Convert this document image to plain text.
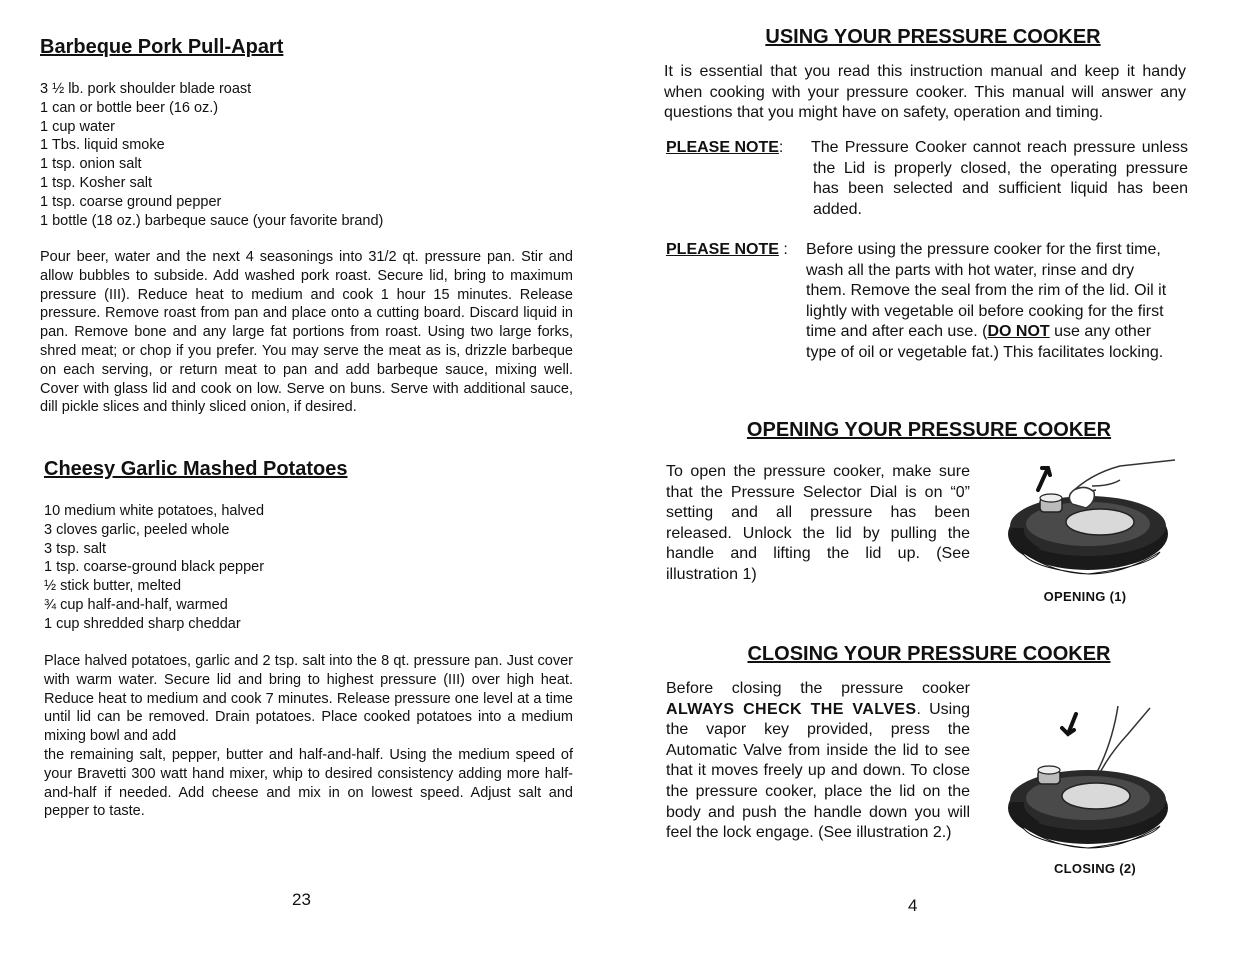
Barbeque Pork Pull-Apart
3 ½ lb. pork shoulder blade roast
1 can or bottle beer (16 oz.)
1 cup water
1 Tbs. liquid smoke
1 tsp. onion salt
1 tsp. Kosher salt
1 tsp. coarse ground pepper
1 bottle (18 oz.) barbeque sauce (your favorite brand)
Pour beer, water and the next 4 seasonings into 31/2 qt. pressure pan. Stir and allow bubbles to subside. Add washed pork roast. Secure lid, bring to maximum pressure (III). Reduce heat to medium and cook 1 hour 15 minutes. Release pressure. Remove roast from pan and place onto a cutting board. Discard liquid in pan. Remove bone and any large fat portions from roast. Using two large forks, shred meat; or chop if you prefer. You may serve the meat as is, drizzle barbeque on each serving, or return meat to pan and add barbeque sauce, mixing well. Cover with glass lid and cook on low. Serve on buns. Serve with additional sauce, dill pickle slices and thinly sliced onion, if desired.
Cheesy Garlic Mashed Potatoes
10 medium white potatoes, halved
3 cloves garlic, peeled whole
3 tsp. salt
1 tsp. coarse-ground black pepper
½ stick butter, melted
¾ cup half-and-half, warmed
1 cup shredded sharp cheddar
Place halved potatoes, garlic and 2 tsp. salt into the 8 qt. pressure pan. Just cover with warm water. Secure lid and bring to highest pressure (III) over high heat. Reduce heat to medium and cook 7 minutes. Release pressure one level at a time until lid can be removed. Drain potatoes. Place cooked potatoes into a medium mixing bowl and add
the remaining salt, pepper, butter and half-and-half. Using the medium speed of your Bravetti 300 watt hand mixer, whip to desired consistency adding more half-and-half if needed. Add cheese and mix in on lowest speed. Adjust salt and pepper to taste.
23
USING YOUR PRESSURE COOKER
It is essential that you read this instruction manual and keep it handy when cooking with your pressure cooker. This manual will answer any questions that you might have on safety, operation and timing.
PLEASE NOTE: The Pressure Cooker cannot reach pressure unless the Lid is properly closed, the operating pressure has been selected and sufficient liquid has been added.
PLEASE NOTE : Before using the pressure cooker for the first time, wash all the parts with hot water, rinse and dry them. Remove the seal from the rim of the lid. Oil it lightly with vegetable oil before cooking for the first time and after each use. (DO NOT use any other type of oil or vegetable fat.) This facilitates locking.
OPENING YOUR PRESSURE COOKER
To open the pressure cooker, make sure that the Pressure Selector Dial is on “0” setting and all pressure has been released. Unlock the lid by pulling the handle and lifting the lid up. (See illustration 1)
OPENING (1)
CLOSING YOUR PRESSURE COOKER
Before closing the pressure cooker ALWAYS CHECK THE VALVES. Using the vapor key provided, press the Automatic Valve from inside the lid to see that it moves freely up and down. To close the pressure cooker, place the lid on the body and push the handle down you will feel the lock engage. (See illustration 2.)
CLOSING (2)
4
